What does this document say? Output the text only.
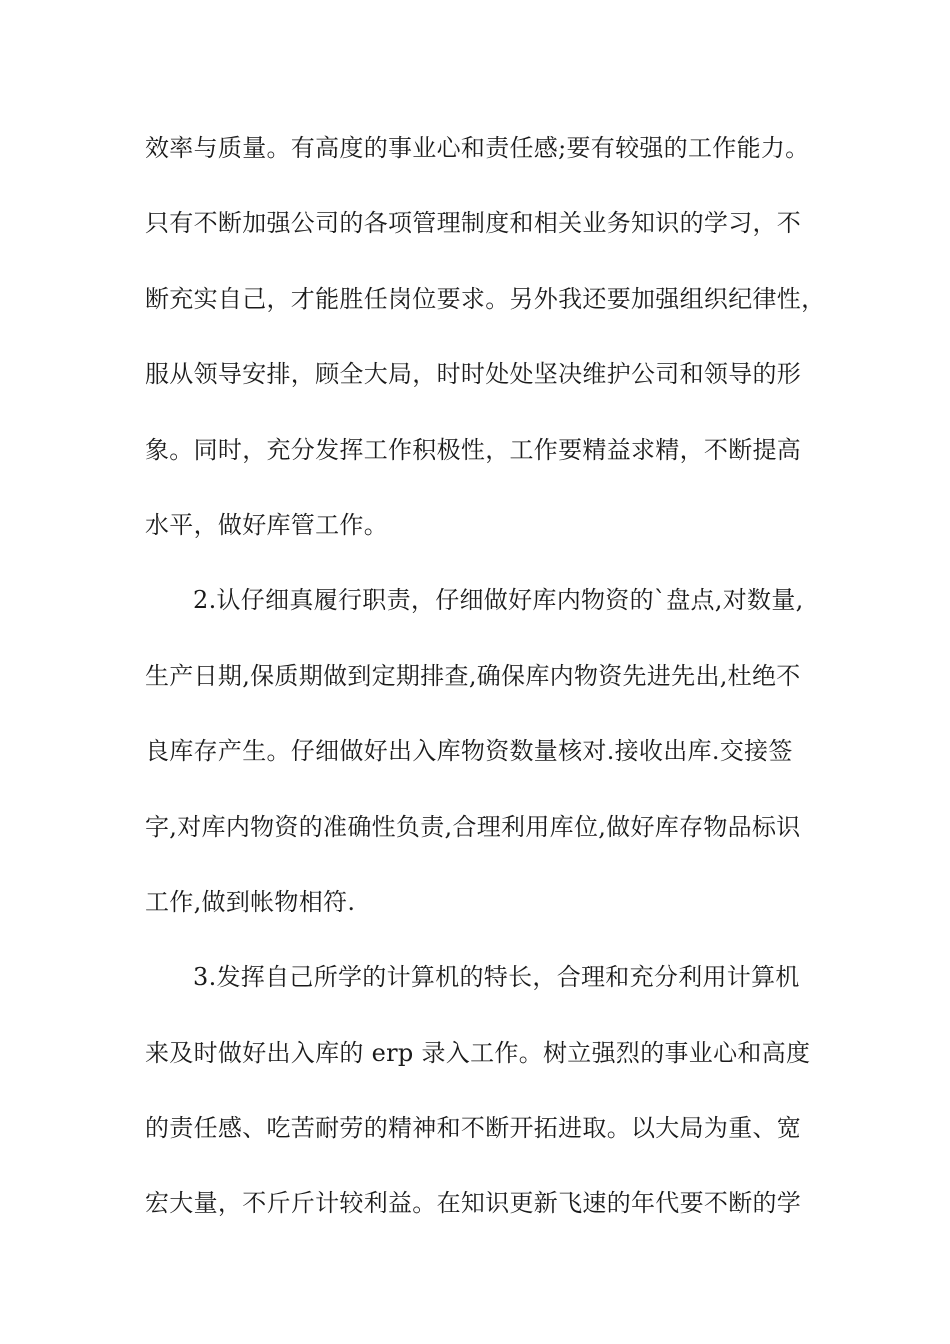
效率与质量。有高度的事业心和责任感;要有较强的工作能力。
只有不断加强公司的各项管理制度和相关业务知识的学习，不
断充实自己，才能胜任岗位要求。另外我还要加强组织纪律性，
服从领导安排，顾全大局，时时处处坚决维护公司和领导的形
象。同时，充分发挥工作积极性，工作要精益求精，不断提高
水平，做好库管工作。
2.认仔细真履行职责，仔细做好库内物资的`盘点,对数量,
生产日期,保质期做到定期排查,确保库内物资先进先出,杜绝不
良库存产生。仔细做好出入库物资数量核对.接收出库.交接签
字,对库内物资的准确性负责,合理利用库位,做好库存物品标识
工作,做到帐物相符.
3.发挥自己所学的计算机的特长，合理和充分利用计算机
来及时做好出入库的 erp 录入工作。树立强烈的事业心和高度
的责任感、吃苦耐劳的精神和不断开拓进取。以大局为重、宽
宏大量，不斤斤计较利益。在知识更新飞速的年代要不断的学
